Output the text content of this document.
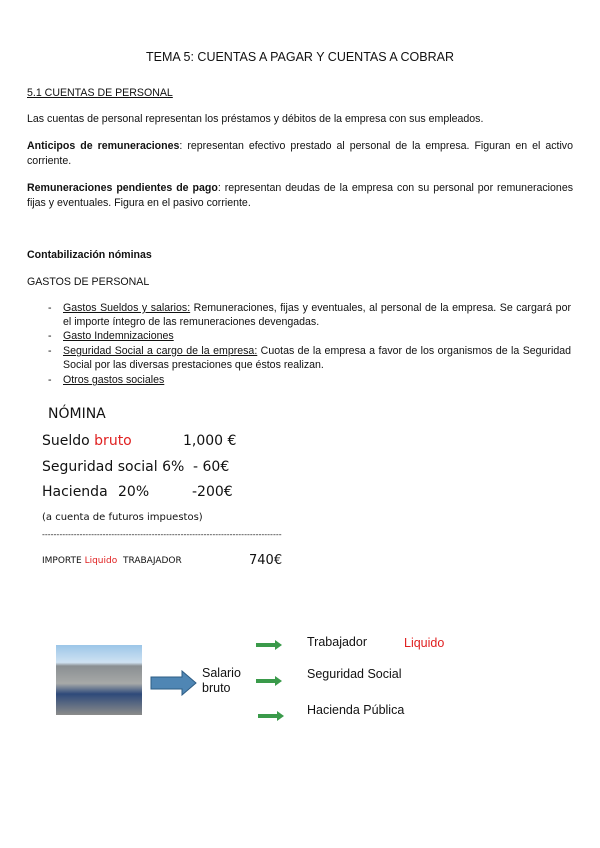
TEMA 5: CUENTAS A PAGAR Y CUENTAS A COBRAR
5.1 CUENTAS DE PERSONAL
Las cuentas de personal representan los préstamos y débitos de la empresa con sus empleados.
Anticipos de remuneraciones: representan efectivo prestado al personal de la empresa. Figuran en el activo corriente.
Remuneraciones pendientes de pago: representan deudas de la empresa con su personal por remuneraciones fijas y eventuales. Figura en el pasivo corriente.
Contabilización nóminas
GASTOS DE PERSONAL
- Gastos Sueldos y salarios: Remuneraciones, fijas y eventuales, al personal de la empresa. Se cargará por el importe íntegro de las remuneraciones devengadas.
- Gasto Indemnizaciones
- Seguridad Social a cargo de la empresa: Cuotas de la empresa a favor de los organismos de la Seguridad Social por las diversas prestaciones que éstos realizan.
- Otros gastos sociales
NÓMINA
Sueldo bruto	1,000 €
Seguridad social 6% - 60€
Hacienda 20%	-200€
(a cuenta de futuros impuestos)
-----------------------------------------------------------------------------------
IMPORTE Liquido  TRABAJADOR	740€
Salario
bruto
Trabajador	Liquido
Seguridad Social
Hacienda Pública
